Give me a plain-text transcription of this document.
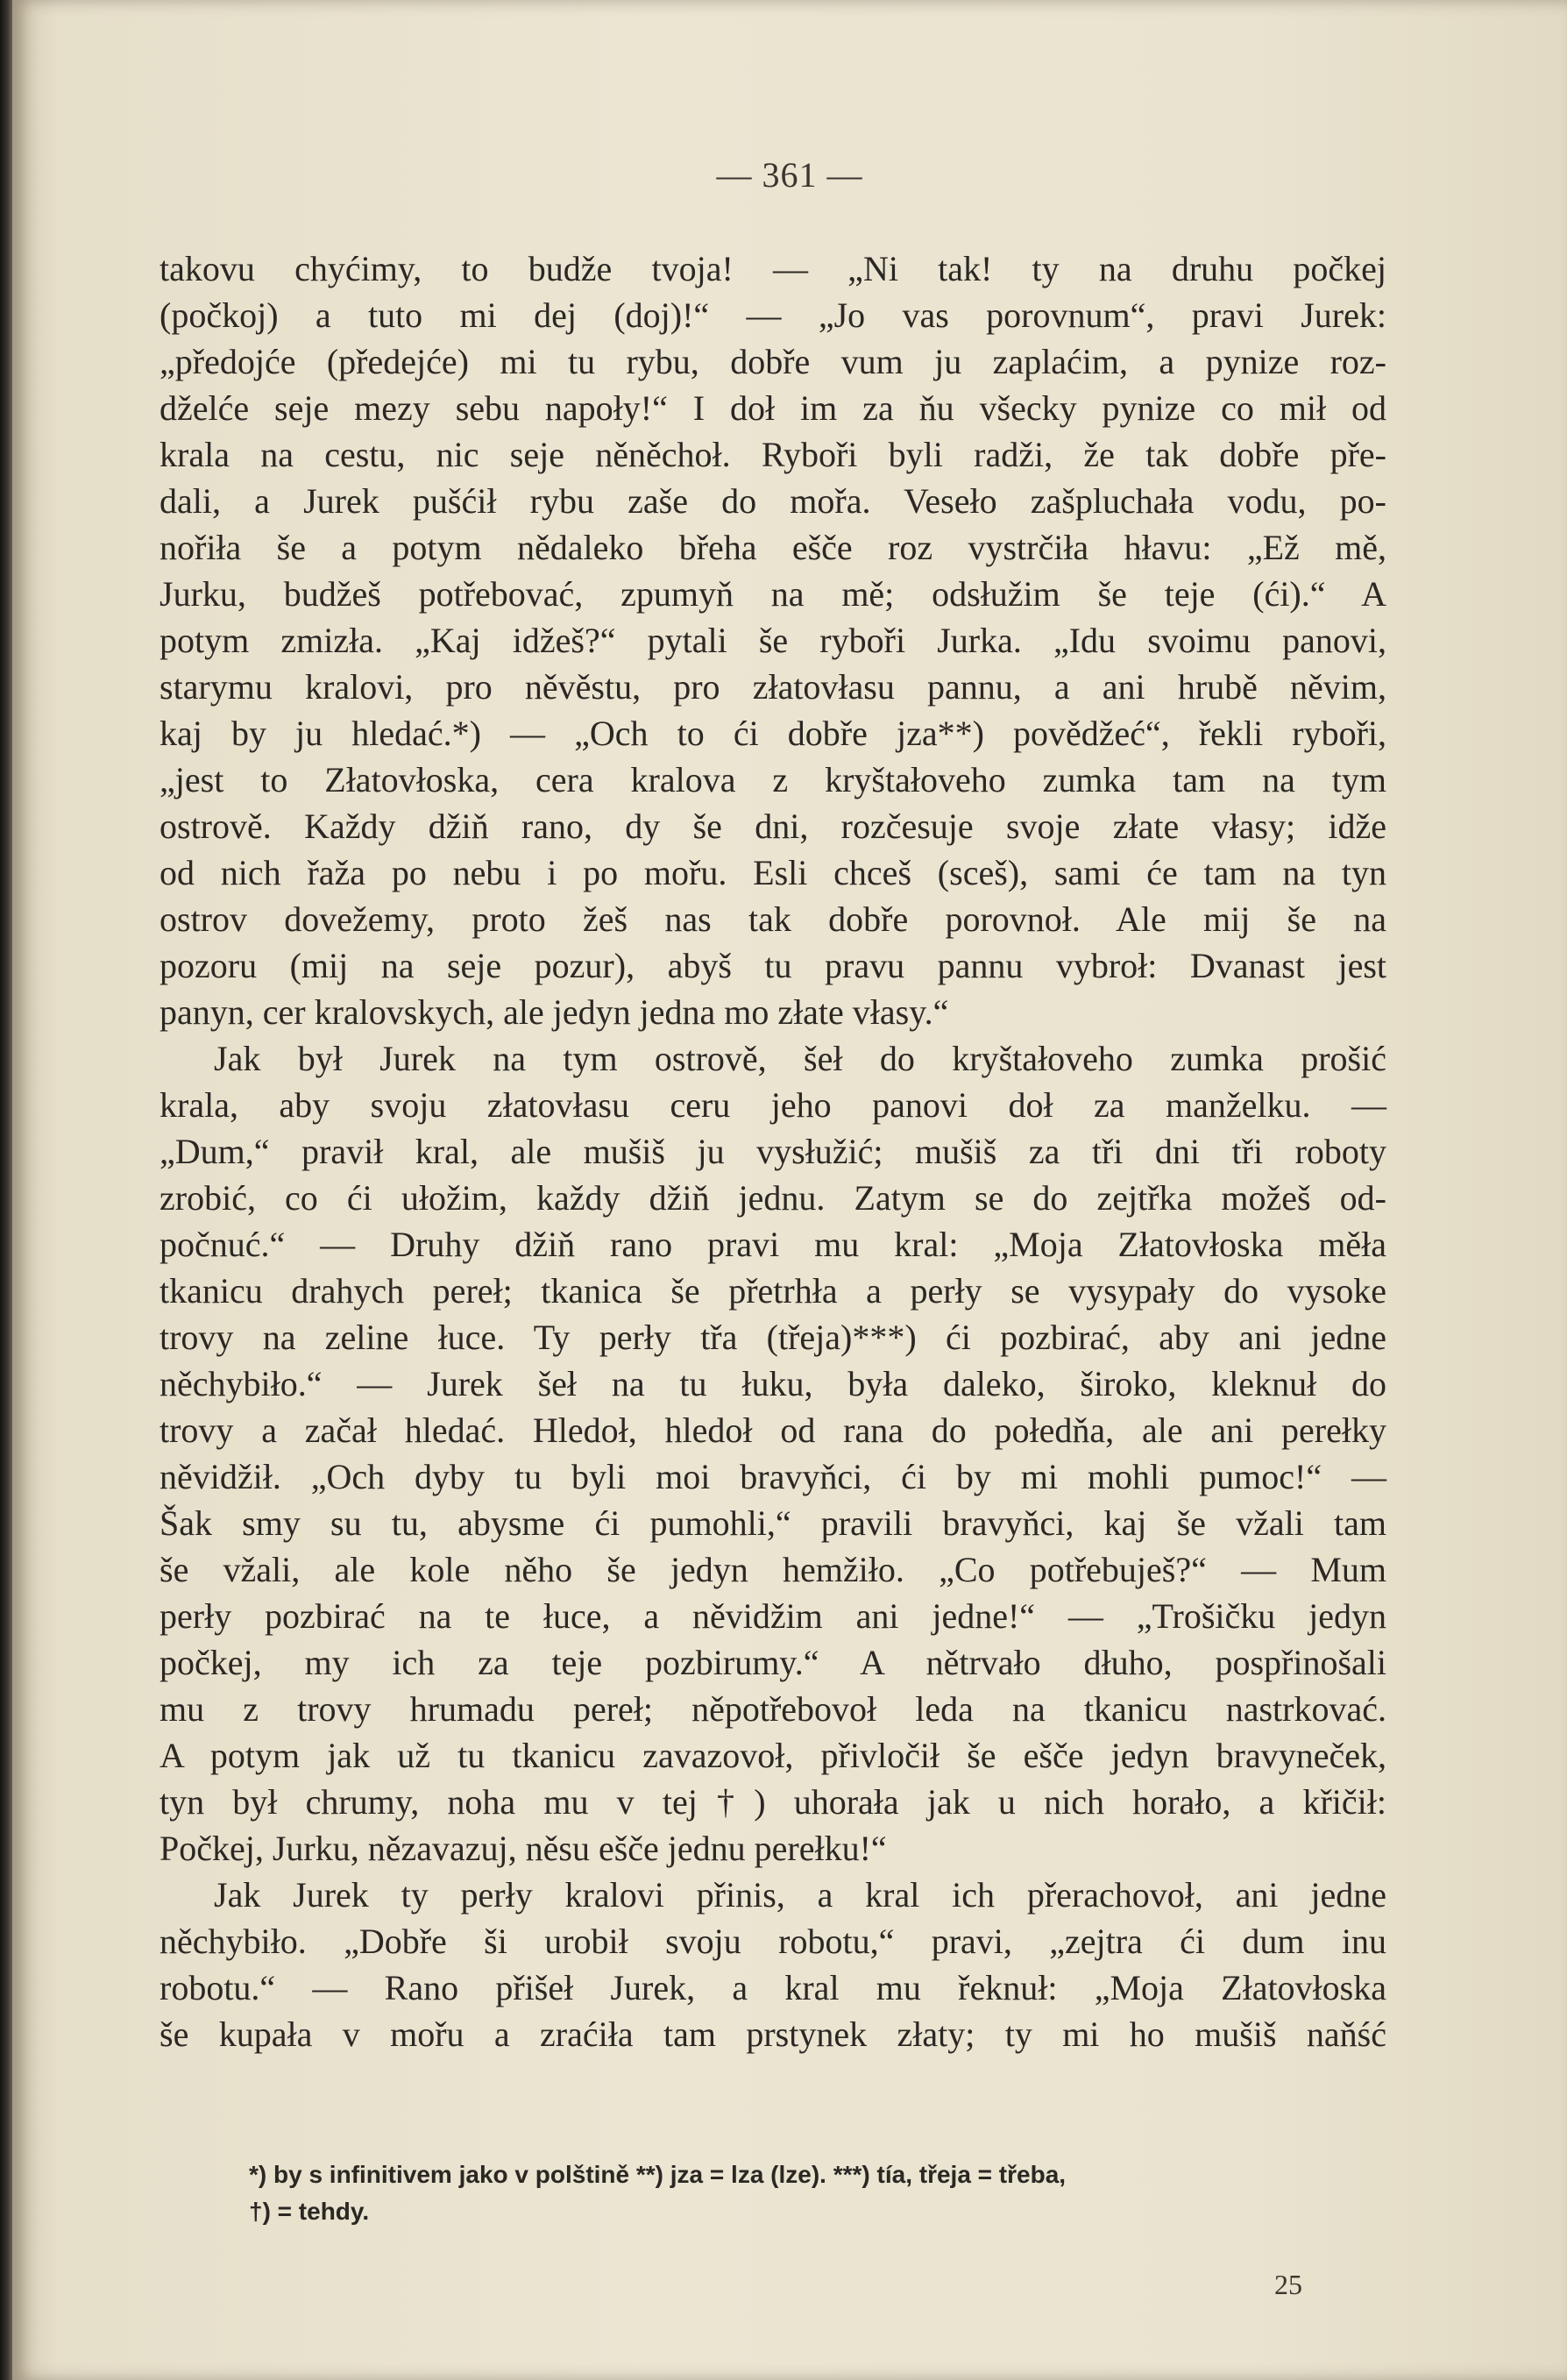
— 361 —
takovu chyćimy, to budže tvoja! — „Ni tak! ty na druhu počkej
(počkoj) a tuto mi dej (doj)!“ — „Jo vas porovnum“, pravi Jurek:
„předojće (předejće) mi tu rybu, dobře vum ju zaplaćim, a pynize roz-
dželće seje mezy sebu napoły!“ I doł im za ňu všecky pynize co mił od
krala na cestu, nic seje něněchoł. Ryboři byli radži, že tak dobře pře-
dali, a Jurek pušćił rybu zaše do mořa. Veseło zašpluchała vodu, po-
nořiła še a potym nědaleko břeha ešče roz vystrčiła hłavu: „Ež mě,
Jurku, budžeš potřebovać, zpumyň na mě; odsłužim še teje (ći).“ A
potym zmizła. „Kaj idžeš?“ pytali še ryboři Jurka. „Idu svoimu panovi,
starymu kralovi, pro něvěstu, pro złatovłasu pannu, a ani hrubě něvim,
kaj by ju hledać.*) — „Och to ći dobře jza**) povědžeć“, řekli ryboři,
„jest to Złatovłoska, cera kralova z kryštałoveho zumka tam na tym
ostrově. Každy džiň rano, dy še dni, rozčesuje svoje złate vłasy; idže
od nich řaža po nebu i po mořu. Esli chceš (sceš), sami će tam na tyn
ostrov dovežemy, proto žeš nas tak dobře porovnoł. Ale mij še na
pozoru (mij na seje pozur), abyš tu pravu pannu vybroł: Dvanast jest
panyn, cer kralovskych, ale jedyn jedna mo złate vłasy.“
Jak był Jurek na tym ostrově, šeł do kryštałoveho zumka prošić
krala, aby svoju złatovłasu ceru jeho panovi doł za manželku. —
„Dum,“ pravił kral, ale mušiš ju vysłužić; mušiš za tři dni tři roboty
zrobić, co ći ułožim, každy džiň jednu. Zatym se do zejtřka možeš od-
počnuć.“ — Druhy džiň rano pravi mu kral: „Moja Złatovłoska měła
tkanicu drahych pereł; tkanica še přetrhła a perły se vysypały do vysoke
trovy na zeline łuce. Ty perły třa (třeja)***) ći pozbirać, aby ani jedne
něchybiło.“ — Jurek šeł na tu łuku, była daleko, široko, kleknuł do
trovy a začał hledać. Hledoł, hledoł od rana do połedňa, ale ani perełky
něvidžił. „Och dyby tu byli moi bravyňci, ći by mi mohli pumoc!“ —
Šak smy su tu, abysme ći pumohli,“ pravili bravyňci, kaj še vžali tam
še vžali, ale kole něho še jedyn hemžiło. „Co potřebuješ?“ — Mum
perły pozbirać na te łuce, a něvidžim ani jedne!“ — „Trošičku jedyn
počkej, my ich za teje pozbirumy.“ A nětrvało dłuho, pospřinošali
mu z trovy hrumadu pereł; něpotřebovoł leda na tkanicu nastrkovać.
A potym jak už tu tkanicu zavazovoł, přivločił še ešče jedyn bravyneček,
tyn był chrumy, noha mu v tej†) uhorała jak u nich horało, a křičił:
Počkej, Jurku, nězavazuj, něsu ešče jednu perełku!“
Jak Jurek ty perły kralovi přinis, a kral ich přerachovoł, ani jedne
něchybiło. „Dobře ši urobił svoju robotu,“ pravi, „zejtra ći dum inu
robotu.“ — Rano přišeł Jurek, a kral mu řeknuł: „Moja Złatovłoska
še kupała v mořu a zraćiła tam prstynek złaty; ty mi ho mušiš naňść
*) by s infinitivem jako v polštině **) jza = lza (lze). ***) tía, třeja = třeba,
†) = tehdy.
25
